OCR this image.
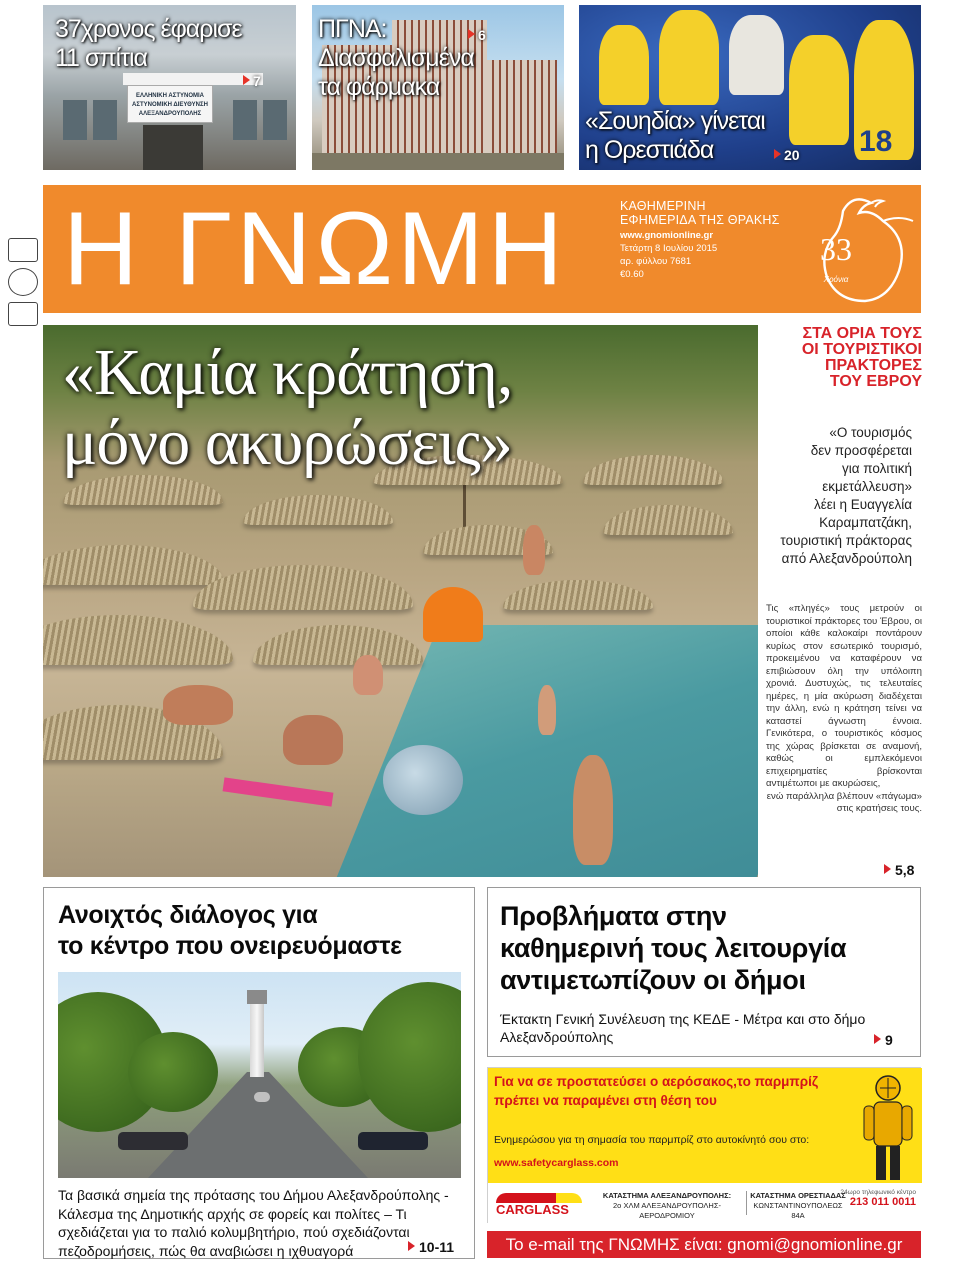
ΕΛΛΗΝΙΚΗ ΑΣΤΥΝΟΜΙΑ
ΑΣΤΥΝΟΜΙΚΗ ΔΙΕΥΘΥΝΣΗ
ΑΛΕΞΑΝΔΡΟΥΠΟΛΗΣ
37χρονος έφαρισε
11 σπίτια
7
ΠΓΝΑ:
Διασφαλισμένα
τα φάρμακα
6
18
«Σουηδία» γίνεται
η Ορεστιάδα	20
Η ΓΝΩΜΗ	ΚΑΘΗΜΕΡΙΝΗ
ΕΦΗΜΕΡΙΔΑ ΤΗΣ ΘΡΑΚΗΣ
www.gnomionline.gr
Τετάρτη 8 Ιουλίου 2015
αρ. φύλλου 7681
€0.60
33
Χρόνια
«Καμία κράτηση,
μόνο ακυρώσεις»
ΣΤΑ ΟΡΙΑ ΤΟΥΣ
ΟΙ ΤΟΥΡΙΣΤΙΚΟΙ
ΠΡΑΚΤΟΡΕΣ
ΤΟΥ ΕΒΡΟΥ
«Ο τουρισμός
δεν προσφέρεται
για πολιτική
εκμετάλλευση»
λέει η Ευαγγελία
Καραμπατζάκη,
τουριστική πράκτορας
από Αλεξανδρούπολη
Τις «πληγές» τους μετρούν οι τουριστικοί πράκτορες του Έβρου, οι οποίοι κάθε καλοκαίρι ποντάρουν κυρίως στον εσωτερικό τουρισμό, προκειμένου να καταφέρουν να επιβιώσουν όλη την υπόλοιπη χρονιά. Δυστυχώς, τις τελευταίες ημέρες, η μία ακύρωση διαδέχεται την άλλη, ενώ η κράτηση τείνει να καταστεί άγνωστη έννοια. Γενικότερα, ο τουριστικός κόσμος της χώρας βρίσκεται σε αναμονή, καθώς οι εμπλεκόμενοι επιχειρηματίες βρίσκονται αντιμέτωποι με ακυρώσεις,
ενώ παράλληλα βλέπουν «πάγωμα» στις κρατήσεις τους.
5,8
Ανοιχτός διάλογος για
το κέντρο που ονειρευόμαστε
Τα βασικά σημεία της πρότασης του Δήμου Αλεξανδρούπολης - Κάλεσμα της Δημοτικής αρχής σε φορείς και πολίτες – Τι σχεδιάζεται για το παλιό κολυμβητήριο, πού σχεδιάζονται πεζοδρομήσεις, πώς θα αναβιώσει η ιχθυαγορά	10-11
Προβλήματα στην
καθημερινή τους λειτουργία
αντιμετωπίζουν οι δήμοι
Έκτακτη Γενική Συνέλευση της ΚΕΔΕ - Μέτρα και στο δήμο Αλεξανδρούπολης	9
Για να σε προστατεύσει ο αερόσακος,το παρμπρίζ
πρέπει να παραμένει στη θέση του
Ενημερώσου για τη σημασία του παρμπρίζ στο αυτοκίνητό σου στο:
www.safetycarglass.com
CARGLASS
ΚΑΤΑΣΤΗΜΑ ΑΛΕΞΑΝΔΡΟΥΠΟΛΗΣ:
2ο ΧΛΜ ΑΛΕΞΑΝΔΡΟΥΠΟΛΗΣ-ΑΕΡΟΔΡΟΜΙΟΥ
ΚΑΤΑΣΤΗΜΑ ΟΡΕΣΤΙΑΔΑΣ
ΚΩΝΣΤΑΝΤΙΝΟΥΠΟΛΕΩΣ 84Α
24ωρο τηλεφωνικό κέντρο
213 011 0011
Το e-mail της ΓΝΩΜΗΣ είναι: gnomi@gnomionline.gr
